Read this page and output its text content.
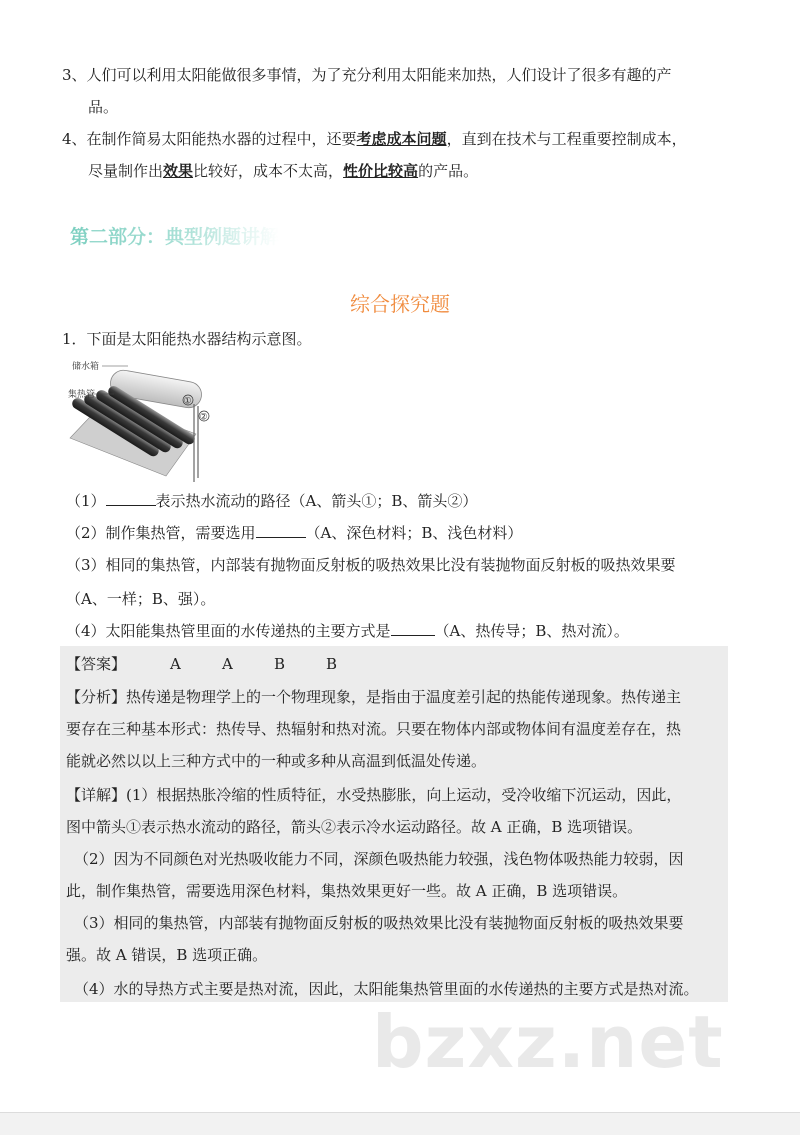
3、人们可以利用太阳能做很多事情，为了充分利用太阳能来加热，人们设计了很多有趣的产
品。
4、在制作简易太阳能热水器的过程中，还要考虑成本问题，直到在技术与工程重要控制成本，
尽量制作出效果比较好，成本不太高，性价比较高的产品。
第二部分：典型例题讲解
综合探究题
1．下面是太阳能热水器结构示意图。
储水箱
集热管
①
②
（1）	表示热水流动的路径（A、箭头①；B、箭头②）
（2）制作集热管，需要选用	（A、深色材料；B、浅色材料）
（3）相同的集热管，内部装有抛物面反射板的吸热效果比没有装抛物面反射板的吸热效果要
（A、一样；B、强）。
（4）太阳能集热管里面的水传递热的主要方式是	（A、热传导；B、热对流）。
【答案】	A	A	B	B
【分析】热传递是物理学上的一个物理现象，是指由于温度差引起的热能传递现象。热传递主
要存在三种基本形式：热传导、热辐射和热对流。只要在物体内部或物体间有温度差存在，热
能就必然以以上三种方式中的一种或多种从高温到低温处传递。
【详解】(1）根据热胀冷缩的性质特征，水受热膨胀，向上运动，受冷收缩下沉运动，因此，
图中箭头①表示热水流动的路径，箭头②表示冷水运动路径。故 A 正确，B 选项错误。
（2）因为不同颜色对光热吸收能力不同，深颜色吸热能力较强，浅色物体吸热能力较弱，因
此，制作集热管，需要选用深色材料，集热效果更好一些。故 A 正确，B 选项错误。
（3）相同的集热管，内部装有抛物面反射板的吸热效果比没有装抛物面反射板的吸热效果要
强。故 A 错误，B 选项正确。
（4）水的导热方式主要是热对流，因此，太阳能集热管里面的水传递热的主要方式是热对流。
bzxz.net
